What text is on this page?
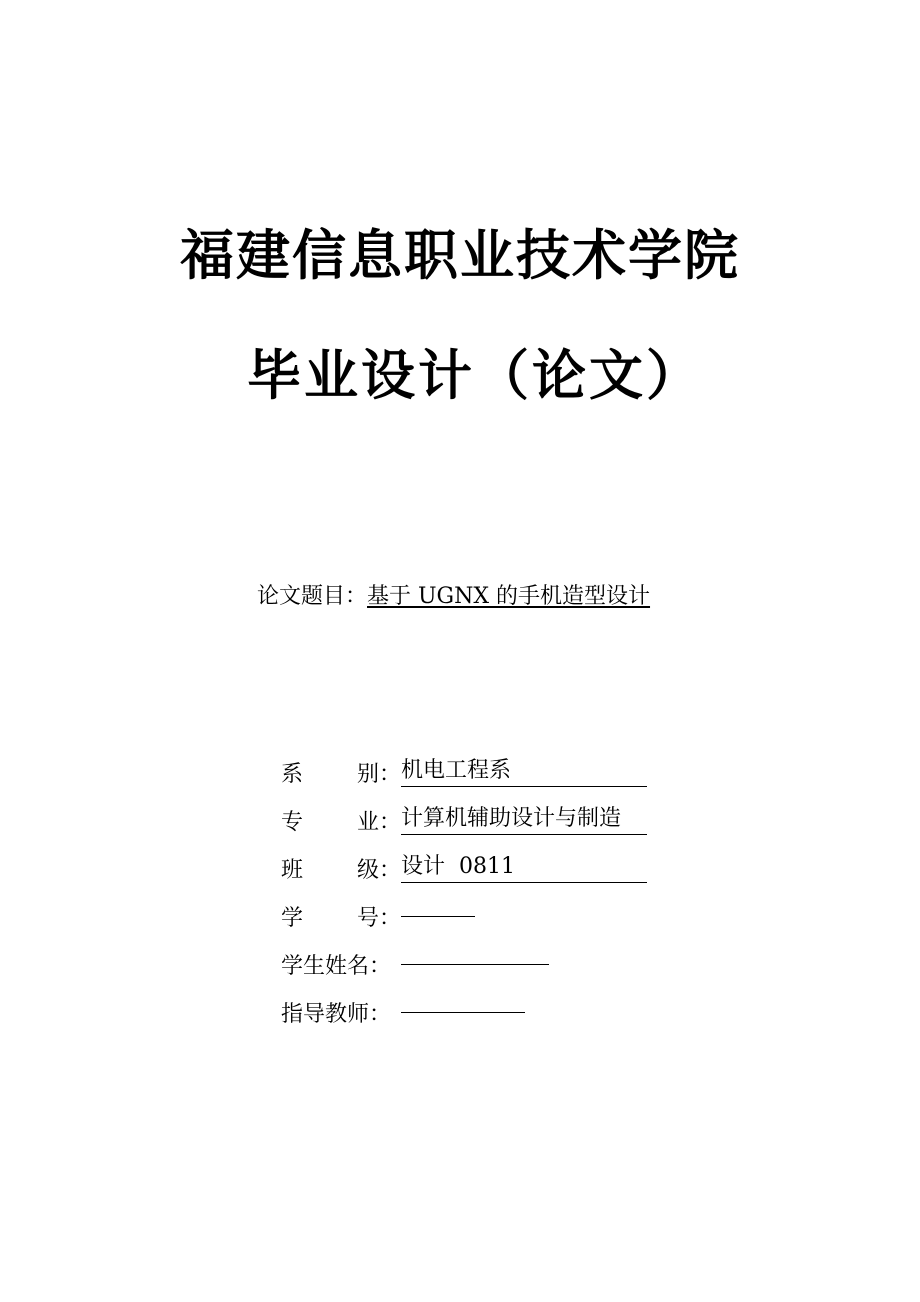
福建信息职业技术学院
毕业设计（论文）
论文题目：基于 UGNX 的手机造型设计
系 别： 机电工程系
专 业： 计算机辅助设计与制造
班 级： 设计  0811
学 号：
学生姓名：
指导教师：
